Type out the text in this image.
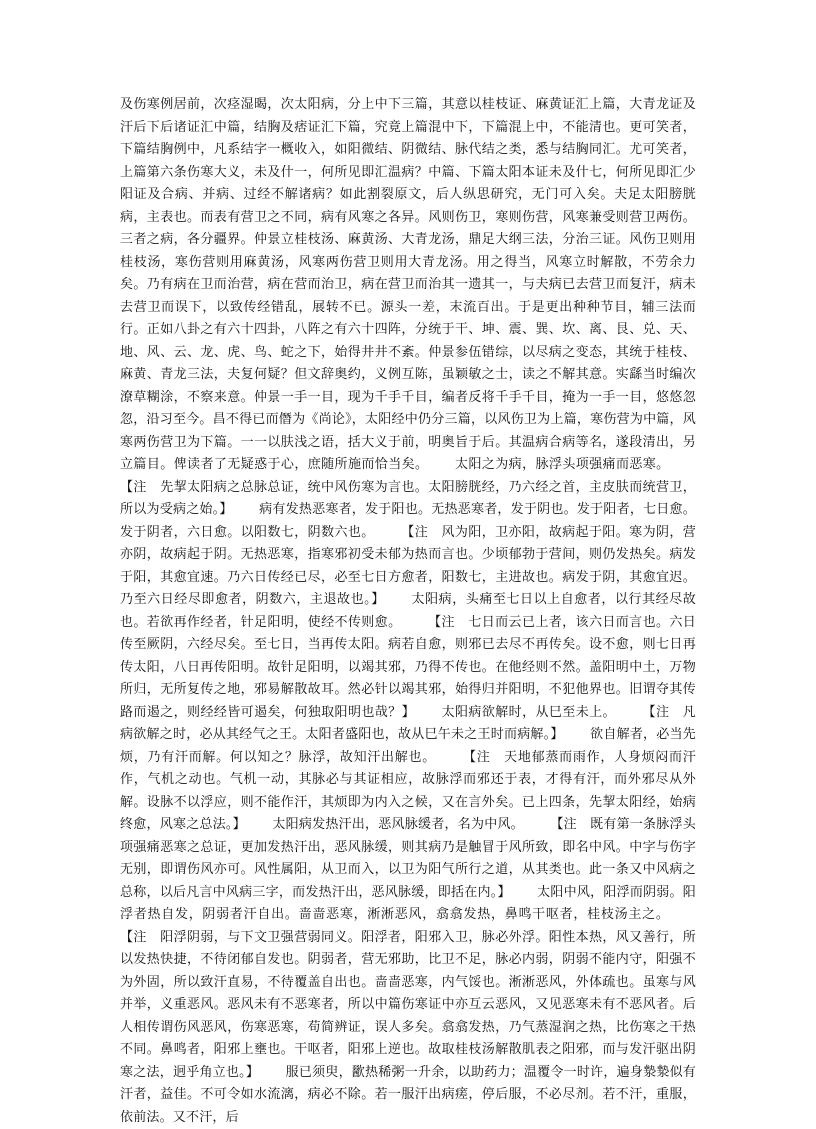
及伤寒例居前，次痉湿暍，次太阳病，分上中下三篇，其意以桂枝证、麻黄证汇上篇，大青龙证及汗后下后诸证汇中篇，结胸及痞证汇下篇，究竟上篇混中下，下篇混上中，不能清也。更可笑者，下篇结胸例中，凡系结字一概收入，如阳微结、阴微结、脉代结之类，悉与结胸同汇。尤可笑者，上篇第六条伤寒大义，未及什一，何所见即汇温病？中篇、下篇太阳本证未及什七，何所见即汇少阳证及合病、并病、过经不解诸病？如此割裂原文，后人纵思研究，无门可入矣。夫足太阳膀胱病，主表也。而表有营卫之不同，病有风寒之各异。风则伤卫，寒则伤营，风寒兼受则营卫两伤。三者之病，各分疆界。仲景立桂枝汤、麻黄汤、大青龙汤，鼎足大纲三法，分治三证。风伤卫则用桂枝汤，寒伤营则用麻黄汤，风寒两伤营卫则用大青龙汤。用之得当，风寒立时解散，不劳余力矣。乃有病在卫而治营，病在营而治卫，病在营卫而治其一遗其一，与夫病已去营卫而复汗，病未去营卫而误下，以致传经错乱，展转不已。源头一差，末流百出。于是更出种种节目，辅三法而行。正如八卦之有六十四卦，八阵之有六十四阵，分统于干、坤、震、巽、坎、离、艮、兑、天、地、风、云、龙、虎、鸟、蛇之下，始得井井不紊。仲景参伍错综，以尽病之变态，其统于桂枝、麻黄、青龙三法，夫复何疑？但文辞奥约，义例互陈，虽颖敏之士，读之不解其意。实繇当时编次潦草糊涂，不察来意。仲景一手一目，现为千手千目，编者反将千手千目，掩为一手一目，悠悠忽忽，沿习至今。昌不得已而僭为《尚论》，太阳经中仍分三篇，以风伤卫为上篇，寒伤营为中篇，风寒两伤营卫为下篇。一一以肤浅之语，括大义于前，明奥旨于后。其温病合病等名，遂段清出，另立篇目。俾读者了无疑惑于心，庶随所施而恰当矣。   太阳之为病，脉浮头项强痛而恶寒。  【注　先挈太阳病之总脉总证，统中风伤寒为言也。太阳膀胱经，乃六经之首，主皮肤而统营卫，所以为受病之始。】   病有发热恶寒者，发于阳也。无热恶寒者，发于阴也。发于阳者，七日愈。发于阴者，六日愈。以阳数七，阴数六也。   【注　风为阳，卫亦阳，故病起于阳。寒为阴，营亦阴，故病起于阴。无热恶寒，指寒邪初受未郁为热而言也。少顷郁勃于营间，则仍发热矣。病发于阳，其愈宜速。乃六日传经已尽，必至七日方愈者，阳数七，主进故也。病发于阴，其愈宜迟。乃至六日经尽即愈者，阴数六，主退故也。】   太阳病，头痛至七日以上自愈者，以行其经尽故也。若欲再作经者，针足阳明，使经不传则愈。   【注　七日而云已上者，该六日而言也。六日传至厥阴，六经尽矣。至七日，当再传太阳。病若自愈，则邪已去尽不再传矣。设不愈，则七日再传太阳，八日再传阳明。故针足阳明，以竭其邪，乃得不传也。在他经则不然。盖阳明中土，万物所归，无所复传之地，邪易解散故耳。然必针以竭其邪，始得归并阳明，不犯他界也。旧谓夺其传路而遏之，则经经皆可遏矣，何独取阳明也哉？】   太阳病欲解时，从巳至未上。   【注　凡病欲解之时，必从其经气之王。太阳者盛阳也，故从巳午未之王时而病解。】   欲自解者，必当先烦，乃有汗而解。何以知之？脉浮，故知汗出解也。   【注　天地郁蒸而雨作，人身烦闷而汗作，气机之动也。气机一动，其脉必与其证相应，故脉浮而邪还于表，才得有汗，而外邪尽从外解。设脉不以浮应，则不能作汗，其烦即为内入之候，又在言外矣。已上四条，先挈太阳经，始病终愈，风寒之总法。】   太阳病发热汗出，恶风脉缓者，名为中风。   【注　既有第一条脉浮头项强痛恶寒之总证，更加发热汗出，恶风脉缓，则其病乃是触冒于风所致，即名中风。中字与伤字无别，即谓伤风亦可。风性属阳，从卫而入，以卫为阳气所行之道，从其类也。此一条又中风病之总称，以后凡言中风病三字，而发热汗出，恶风脉缓，即括在内。】   太阳中风，阳浮而阴弱。阳浮者热自发，阴弱者汗自出。啬啬恶寒，淅淅恶风，翕翕发热，鼻鸣干呕者，桂枝汤主之。  【注　阳浮阴弱，与下文卫强营弱同义。阳浮者，阳邪入卫，脉必外浮。阳性本热，风又善行，所以发热快捷，不待闭郁自发也。阴弱者，营无邪助，比卫不足，脉必内弱，阴弱不能内守，阳强不为外固，所以致汗直易，不待覆盖自出也。啬啬恶寒，内气馁也。淅淅恶风，外体疏也。虽寒与风并举，义重恶风。恶风未有不恶寒者，所以中篇伤寒证中亦互云恶风，又见恶寒未有不恶风者。后人相传谓伤风恶风，伤寒恶寒，苟简辨证，误人多矣。翕翕发热，乃气蒸湿润之热，比伤寒之干热不同。鼻鸣者，阳邪上壅也。干呕者，阳邪上逆也。故取桂枝汤解散肌表之阳邪，而与发汗驱出阴寒之法，迥乎角立也。】   服已须臾，歠热稀粥一升余，以助药力；温覆令一时许，遍身漐漐似有汗者，益佳。不可令如水流漓，病必不除。若一服汗出病瘥，停后服，不必尽剂。若不汗，重服，依前法。又不汗，后
